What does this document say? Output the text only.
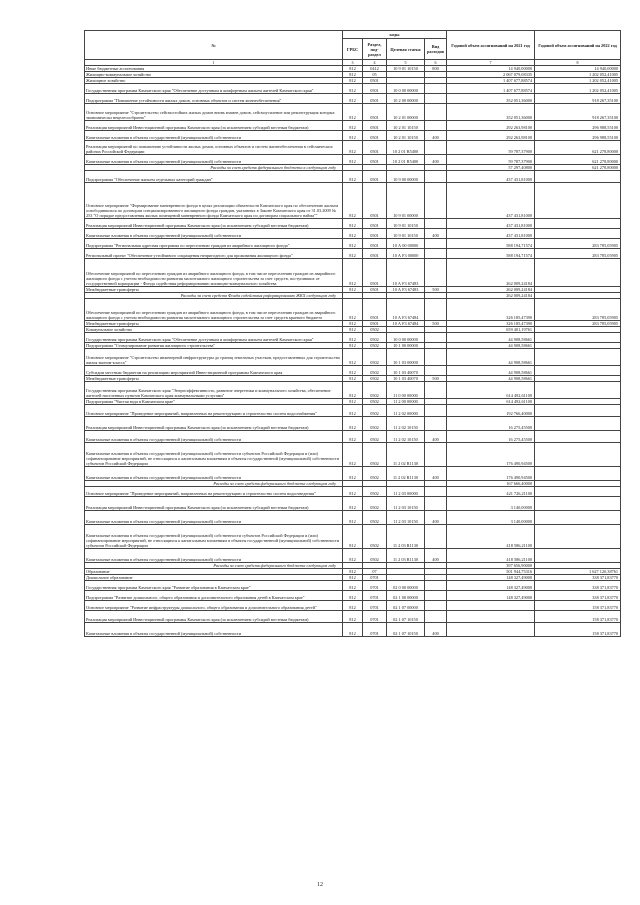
№	коды				Годовой объем ассигнований на 2021 год	Годовой объем ассигнований на 2022 год
	ГРБС	Раздел, под- раздел	Целевая статья	Вид расходов		
1	3	4	5	6	7	8
Иные бюджетные ассигнования	812	0412	10 9 01 10150	800	14 940,00000	14 940,00000
Жилищно-коммунальное хозяйство	812	05			2 067 079,08335	1 202 052,41005
Жилищное хозяйство	812	0501			1 407 677,88574	1 202 052,41005
Государственная программа Камчатского края "Обеспечение доступным и комфортным жильем жителей Камчатского края"	812	0501	10 0 00 00000		1 407 677,88574	1 202 052,41005
Подпрограмма "Повышение устойчивости жилых домов, основных объектов и систем жизнеобеспечения"	812	0501	10 2 00 00000		352 051,36000	918 267,35100
Основное мероприятие "Строительство сейсмостойких жилых домов вновь взамен домов, сейсмоусиление или реконструкция которых экономически нецелесообразна"	812	0501	10 2 01 00000		352 051,36000	918 267,35100
Реализация мероприятий Инвестиционной программы Камчатского края (за исключением субсидий местным бюджетам)	812	0501	10 2 01 10150		292 263,98100	296 988,55100
Капитальные вложения в объекты государственной (муниципальной) собственности	812	0501	10 2 01 10150	400	292 263,98100	296 988,55100
Реализация мероприятий по повышению устойчивости жилых домов, основных объектов и систем жизнеобеспечения в сейсмических районах Российской Федерации	812	0501	10 2 01 R5400		59 787,37900	621 278,80000
Капитальные вложения в объекты государственной (муниципальной) собственности	812	0501	10 2 01 R5400	400	59 787,37900	621 278,80000
Расходы за счет средств федерального бюджета в следующем году					57 297,40800	621 278,80000
Подпрограмма "Обеспечение жильем отдельных категорий граждан"	812	0501	10 9 00 00000		437 431,81000	
Основное мероприятие "Формирование маневренного фонда в целях реализации обязательств Камчатского края по обеспечению жильем освободившихся по договорам специализированного жилищного фонда граждан, указанных в Законе Камчатского края от 31.03.2009 № 253 "О порядке предоставления жилых помещений маневренного фонда Камчатского края по договорам социального найма""	812	0501	10 9 01 00000		437 431,81000	
Реализация мероприятий Инвестиционной программы Камчатского края (за исключением субсидий местным бюджетам)	812	0501	10 9 01 10150		437 431,81000	
Капитальные вложения в объекты государственной (муниципальной) собственности	812	0501	10 9 01 10150	400	437 431,81000	
Подпрограмма "Региональная адресная программа по переселению граждан из аварийного жилищного фонда"	812	0501	10 А 00 00000		588 194,71574	283 785,05905
Региональный проект "Обеспечение устойчивого сокращения непригодного для проживания жилищного фонда"	812	0501	10 А F3 00000		588 194,71574	283 785,05905
Обеспечение мероприятий по переселению граждан из аварийного жилищного фонда, в том числе переселению граждан из аварийного жилищного фонда с учетом необходимости развития малоэтажного жилищного строительства за счет средств, поступивших от государственной корпорации - Фонда содействия реформированию жилищно-коммунального хозяйства	812	0501	10 А F3 67483		262 009,24184	
Межбюджетные трансферты	812	0501	10 А F3 67483	500	262 009,24184	
Расходы за счет средств Фонда содействия реформированию ЖКХ следующем году					262 009,24184	
Обеспечение мероприятий по переселению граждан из аварийного жилищного фонда, в том числе переселению граждан из аварийного жилищного фонда с учетом необходимости развития малоэтажного жилищного строительства за счет средств краевого бюджета	812	0501	10 А F3 67484		326 185,47390	283 785,05905
Межбюджетные трансферты	812	0501	10 А F3 67484	500	326 185,47390	283 785,05905
Коммунальное хозяйство	812	0502			659 401,19761	
Государственная программа Камчатского края "Обеспечение доступным и комфортным жильем жителей Камчатского края"	812	0502	10 0 00 00000		44 908,58661	
Подпрограмма "Стимулирование развития жилищного строительства"	812	0502	10 1 00 00000		44 908,58661	
Основное мероприятие "Строительство инженерной инфраструктуры до границ земельных участков, предоставленных для строительства жилья эконом-класса"	812	0502	10 1 03 00000		44 908,58661	
Субсидии местным бюджетам на реализацию мероприятий Инвестиционной программы Камчатского края	812	0502	10 1 03 40070		44 908,58661	
Межбюджетные трансферты	812	0502	10 1 03 40070	500	44 908,58661	
Государственная программа Камчатского края "Энергоэффективность, развитие энергетики и коммунального хозяйства, обеспечение жителей населенных пунктов Камчатского края коммунальными услугами"	812	0502	11 0 00 00000		614 492,61100	
Подпрограмма "Чистая вода в Камчатском крае"	812	0502	11 2 00 00000		614 492,61100	
Основное мероприятие "Проведение мероприятий, направленных на реконструкцию и строительство систем водоснабжения"	812	0502	11 2 02 00000		192 766,40000	
Реализация мероприятий Инвестиционной программы Камчатского края (за исключением субсидий местным бюджетам)	812	0502	11 2 02 10150		16 275,45500	
Капитальные вложения в объекты государственной (муниципальной) собственности	812	0502	11 2 02 10150	400	16 275,45500	
Капитальные вложения в объекты государственной (муниципальной) собственности субъектов Российской Федерации и (или) софинансирование мероприятий, не относящихся к капитальным вложениям в объекты государственной (муниципальной) собственности субъектов Российской Федерации	812	0502	11 2 02 R1130		176 490,94500	
Капитальные вложения в объекты государственной (муниципальной) собственности	812	0502	11 2 02 R1130	400	176 490,94500	
Расходы за счет средств федерального бюджета следующем году					167 666,40000	
Основное мероприятие "Проведение мероприятий, направленных на реконструкцию и строительство систем водоотведения"	812	0502	11 2 03 00000		421 726,21100	
Реализация мероприятий Инвестиционной программы Камчатского края (за исключением субсидий местным бюджетам)	812	0502	11 2 03 10150		3 140,00000	
Капитальные вложения в объекты государственной (муниципальной) собственности	812	0502	11 2 03 10150	400	3 140,00000	
Капитальные вложения в объекты государственной (муниципальной) собственности субъектов Российской Федерации и (или) софинансирование мероприятий, не относящихся к капитальным вложениям в объекты государственной (муниципальной) собственности субъектов Российской Федерации	812	0502	11 2 03 R1130		418 586,21100	
Капитальные вложения в объекты государственной (муниципальной) собственности	812	0502	11 2 03 R1130	400	418 586,21100	
Расходы за счет средств федерального бюджета следующем году					397 656,90000	
Образование	812	07			501 944,75316	1 627 120,38761
Дошкольное образование	812	0701			148 327,49000	338 371,83770
Государственная программа Камчатского края "Развитие образования в Камчатском крае"	812	0701	02 0 00 00000		148 327,49000	338 371,83770
Подпрограмма "Развитие дошкольного, общего образования и дополнительного образования детей в Камчатском крае"	812	0701	02 1 00 00000		148 327,49000	338 371,83770
Основное мероприятие "Развитие инфраструктуры дошкольного, общего образования и дополнительного образования детей"	812	0701	02 1 07 00000			158 371,83770
Реализация мероприятий Инвестиционной программы Камчатского края (за исключением субсидий местным бюджетам)	812	0701	02 1 07 10150			158 371,83770
Капитальные вложения в объекты государственной (муниципальной) собственности	812	0701	02 1 07 10150	400		158 371,83770
12
